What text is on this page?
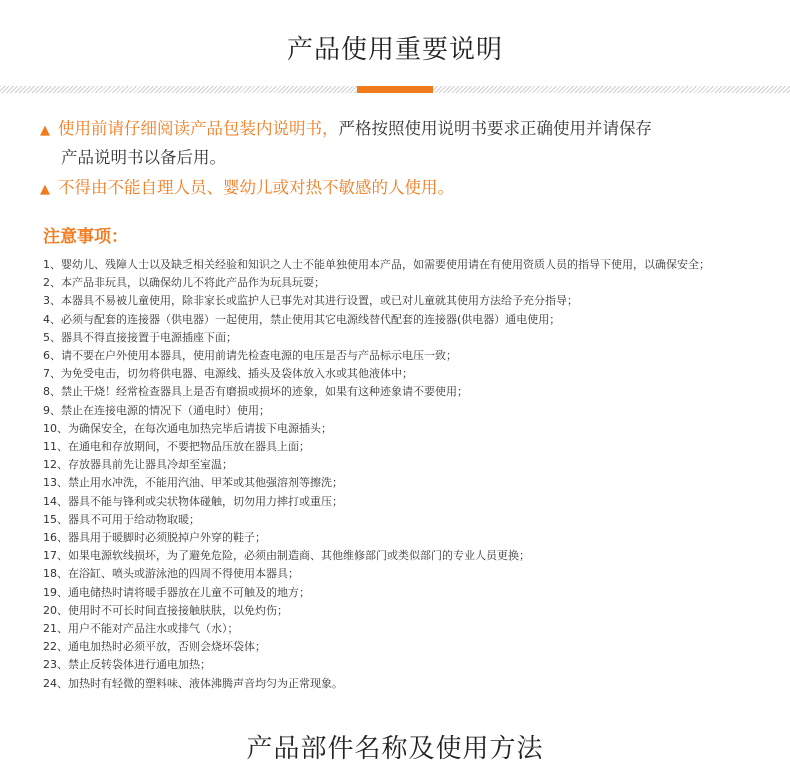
产品使用重要说明
▲ 使用前请仔细阅读产品包装内说明书，严格按照使用说明书要求正确使用并请保存
产品说明书以备后用。
▲ 不得由不能自理人员、婴幼儿或对热不敏感的人使用。
注意事项：
1、婴幼儿、残障人士以及缺乏相关经验和知识之人士不能单独使用本产品，如需要使用请在有使用资质人员的指导下使用，以确保安全；
2、本产品非玩具，以确保幼儿不将此产品作为玩具玩耍；
3、本器具不易被儿童使用，除非家长或监护人已事先对其进行设置，或已对儿童就其使用方法给予充分指导；
4、必须与配套的连接器（供电器）一起使用，禁止使用其它电源线替代配套的连接器(供电器）通电使用；
5、器具不得直接接置于电源插座下面；
6、请不要在户外使用本器具，使用前请先检查电源的电压是否与产品标示电压一致；
7、为免受电击，切勿将供电器、电源线、插头及袋体放入水或其他液体中；
8、禁止干烧！经常检查器具上是否有磨损或损坏的迹象，如果有这种迹象请不要使用；
9、禁止在连接电源的情况下（通电时）使用；
10、为确保安全，在每次通电加热完毕后请拔下电源插头；
11、在通电和存放期间，不要把物品压放在器具上面；
12、存放器具前先让器具冷却至室温；
13、禁止用水冲洗，不能用汽油、甲苯或其他强溶剂等擦洗；
14、器具不能与锋利或尖状物体碰触，切勿用力摔打或重压；
15、器具不可用于给动物取暖；
16、器具用于暖脚时必须脱掉户外穿的鞋子；
17、如果电源软线损坏，为了避免危险，必须由制造商、其他维修部门或类似部门的专业人员更换；
18、在浴缸、喷头或游泳池的四周不得使用本器具；
19、通电储热时请将暖手器放在儿童不可触及的地方；
20、使用时不可长时间直接接触肤肤，以免灼伤；
21、用户不能对产品注水或排气（水）；
22、通电加热时必须平放，否则会烧坏袋体；
23、禁止反转袋体进行通电加热；
24、加热时有轻微的塑料味、液体沸腾声音均匀为正常现象。
产品部件名称及使用方法
